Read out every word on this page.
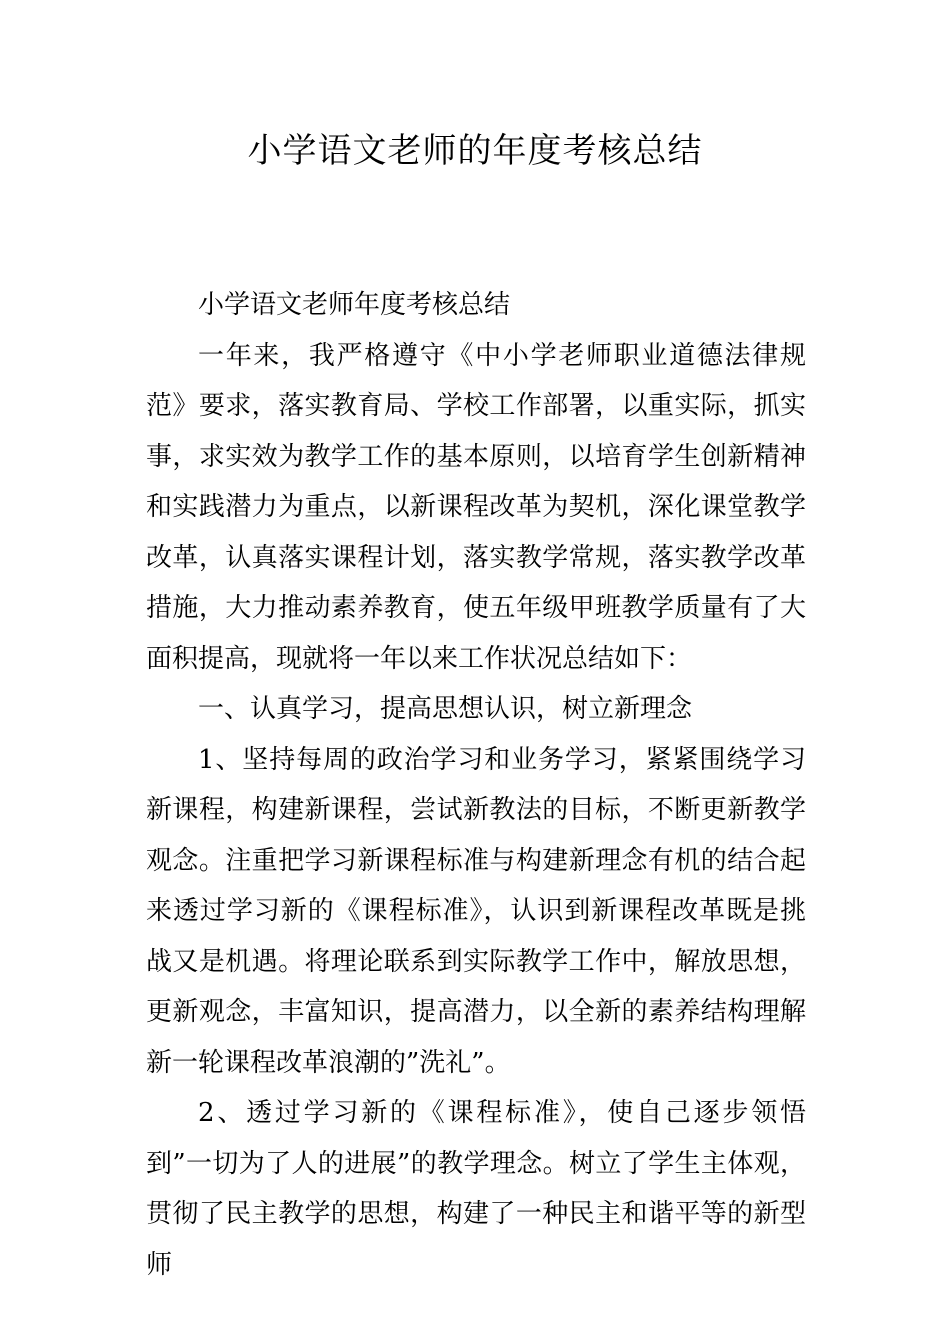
小学语文老师的年度考核总结

小学语文老师年度考核总结

一年来，我严格遵守《中小学老师职业道德法律规范》要求，落实教育局、学校工作部署，以重实际，抓实事，求实效为教学工作的基本原则，以培育学生创新精神和实践潜力为重点，以新课程改革为契机，深化课堂教学改革，认真落实课程计划，落实教学常规，落实教学改革措施，大力推动素养教育，使五年级甲班教学质量有了大面积提高，现就将一年以来工作状况总结如下：

一、认真学习，提高思想认识，树立新理念

1、坚持每周的政治学习和业务学习，紧紧围绕学习新课程，构建新课程，尝试新教法的目标，不断更新教学观念。注重把学习新课程标准与构建新理念有机的结合起来透过学习新的《课程标准》，认识到新课程改革既是挑战又是机遇。将理论联系到实际教学工作中，解放思想，更新观念，丰富知识，提高潜力，以全新的素养结构理解新一轮课程改革浪潮的”洗礼”。

2、透过学习新的《课程标准》，使自己逐步领悟到”一切为了人的进展”的教学理念。树立了学生主体观，贯彻了民主教学的思想，构建了一种民主和谐平等的新型师
